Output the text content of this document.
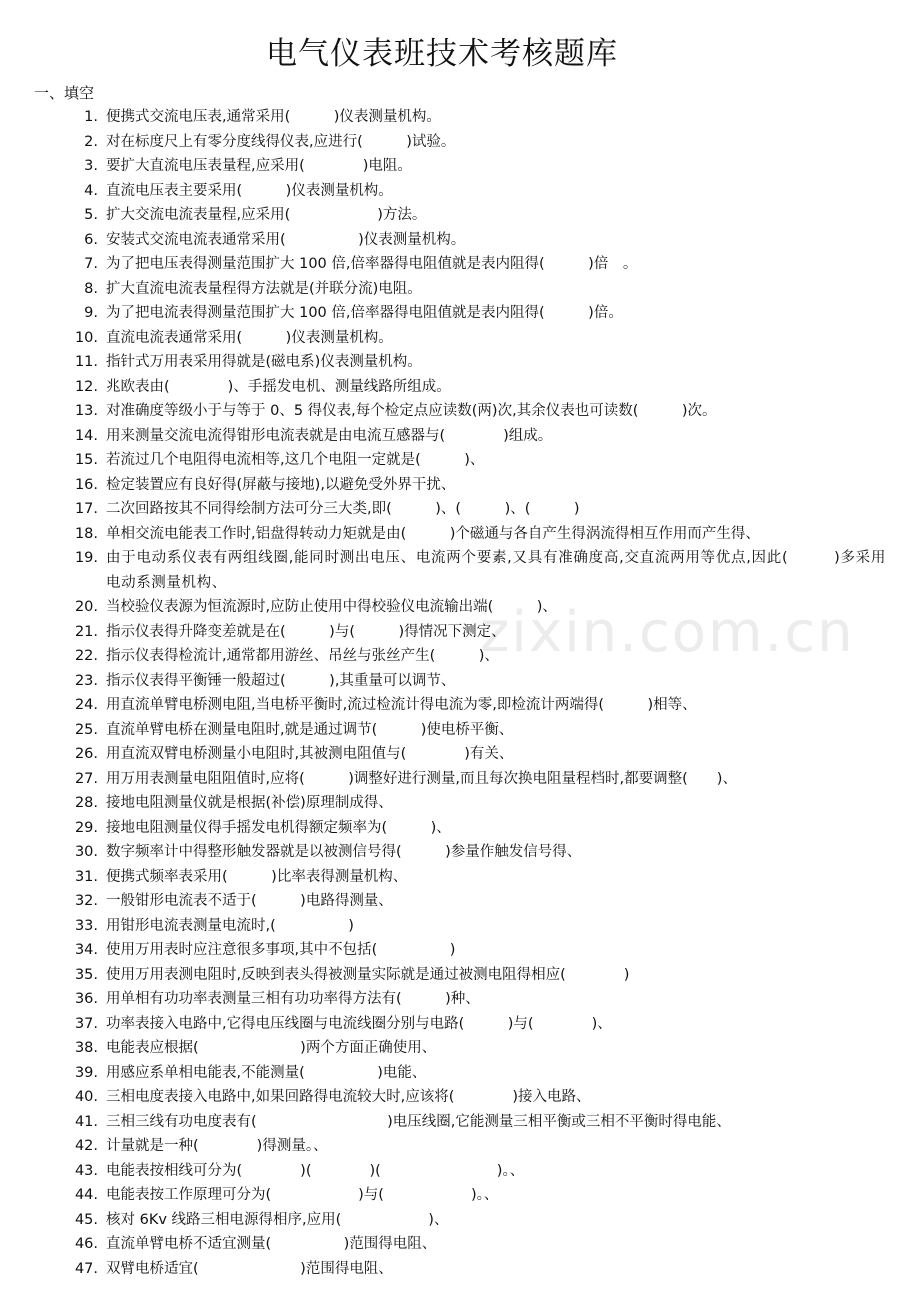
电气仪表班技术考核题库
一、填空
zixin.com.cn
1. 便携式交流电压表,通常采用(　　　)仪表测量机构。
2. 对在标度尺上有零分度线得仪表,应进行(　　　)试验。
3. 要扩大直流电压表量程,应采用(　　　　)电阻。
4. 直流电压表主要采用(　　　)仪表测量机构。
5. 扩大交流电流表量程,应采用(　　　　　　)方法。
6. 安装式交流电流表通常采用(　　　　　)仪表测量机构。
7. 为了把电压表得测量范围扩大 100 倍,倍率器得电阻值就是表内阻得(　　　)倍　。
8. 扩大直流电流表量程得方法就是(并联分流)电阻。
9. 为了把电流表得测量范围扩大 100 倍,倍率器得电阻值就是表内阻得(　　　)倍。
10. 直流电流表通常采用(　　　)仪表测量机构。
11. 指针式万用表采用得就是(磁电系)仪表测量机构。
12. 兆欧表由(　　　　)、手摇发电机、测量线路所组成。
13. 对准确度等级小于与等于 0、5 得仪表,每个检定点应读数(两)次,其余仪表也可读数(　　　)次。
14. 用来测量交流电流得钳形电流表就是由电流互感器与(　　　　)组成。
15. 若流过几个电阻得电流相等,这几个电阻一定就是(　　　)、
16. 检定装置应有良好得(屏蔽与接地),以避免受外界干扰、
17. 二次回路按其不同得绘制方法可分三大类,即(　　　)、(　　　)、(　　　)
18. 单相交流电能表工作时,铝盘得转动力矩就是由(　　　)个磁通与各自产生得涡流得相互作用而产生得、
19. 由于电动系仪表有两组线圈,能同时测出电压、电流两个要素,又具有准确度高,交直流两用等优点,因此(　　　)多采用电动系测量机构、
20. 当校验仪表源为恒流源时,应防止使用中得校验仪电流输出端(　　　)、
21. 指示仪表得升降变差就是在(　　　)与(　　　)得情况下测定、
22. 指示仪表得检流计,通常都用游丝、吊丝与张丝产生(　　　)、
23. 指示仪表得平衡锤一般超过(　　　),其重量可以调节、
24. 用直流单臂电桥测电阻,当电桥平衡时,流过检流计得电流为零,即检流计两端得(　　　)相等、
25. 直流单臂电桥在测量电阻时,就是通过调节(　　　)使电桥平衡、
26. 用直流双臂电桥测量小电阻时,其被测电阻值与(　　　　)有关、
27. 用万用表测量电阻阻值时,应将(　　　)调整好进行测量,而且每次换电阻量程档时,都要调整(　　)、
28. 接地电阻测量仪就是根据(补偿)原理制成得、
29. 接地电阻测量仪得手摇发电机得额定频率为(　　　)、
30. 数字频率计中得整形触发器就是以被测信号得(　　　)参量作触发信号得、
31. 便携式频率表采用(　　　)比率表得测量机构、
32. 一般钳形电流表不适于(　　　)电路得测量、
33. 用钳形电流表测量电流时,(　　　　　)
34. 使用万用表时应注意很多事项,其中不包括(　　　　　)
35. 使用万用表测电阻时,反映到表头得被测量实际就是通过被测电阻得相应(　　　　)
36. 用单相有功功率表测量三相有功功率得方法有(　　　)种、
37. 功率表接入电路中,它得电压线圈与电流线圈分别与电路(　　　)与(　　　　)、
38. 电能表应根据(　　　　　　　)两个方面正确使用、
39. 用感应系单相电能表,不能测量(　　　　　)电能、
40. 三相电度表接入电路中,如果回路得电流较大时,应该将(　　　　)接入电路、
41. 三相三线有功电度表有(　　　　　　　　　)电压线圈,它能测量三相平衡或三相不平衡时得电能、
42. 计量就是一种(　　　　)得测量。、
43. 电能表按相线可分为(　　　　)(　　　　)(　　　　　　　　)。、
44. 电能表按工作原理可分为(　　　　　　)与(　　　　　　)。、
45. 核对 6Kv 线路三相电源得相序,应用(　　　　　　)、
46. 直流单臂电桥不适宜测量(　　　　　)范围得电阻、
47. 双臂电桥适宜(　　　　　　　)范围得电阻、
